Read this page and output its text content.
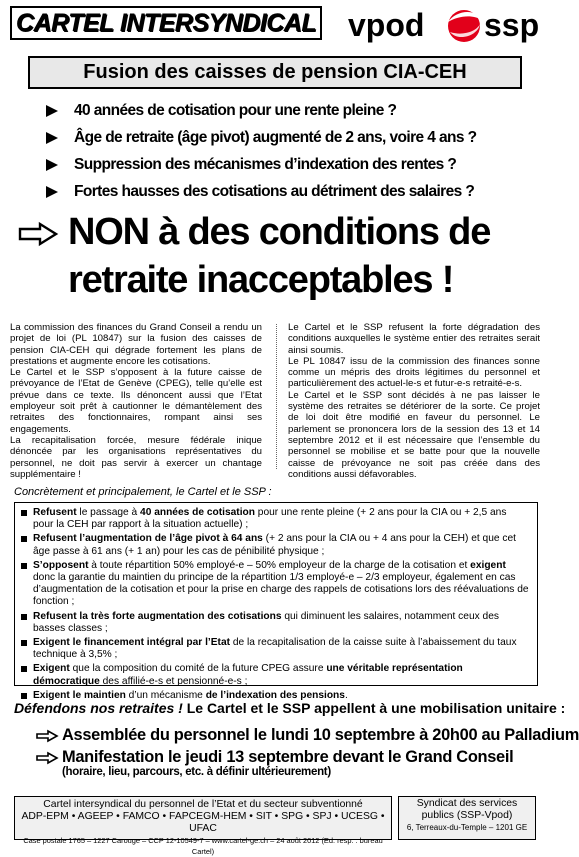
CARTEL INTERSYNDICAL vpod ssp
Fusion des caisses de pension CIA-CEH
40 années de cotisation pour une rente pleine ?
Âge de retraite (âge pivot) augmenté de 2 ans, voire 4 ans ?
Suppression des mécanismes d’indexation des rentes ?
Fortes hausses des cotisations au détriment des salaires ?
NON à des conditions de
retraite inacceptables !

La commission des finances du Grand Conseil a rendu un projet de loi (PL 10847) sur la fusion des caisses de pension CIA-CEH qui dégrade fortement les plans de prestations et augmente encore les cotisations.

Le Cartel et le SSP s’opposent à la future caisse de prévoyance de l’Etat de Genève (CPEG), telle qu’elle est prévue dans ce texte. Ils dénoncent aussi que l’Etat employeur soit prêt à cautionner le démantèlement des retraites des fonctionnaires, rompant ainsi ses engagements.

La recapitalisation forcée, mesure fédérale inique dénoncée par les organisations représentatives du personnel, ne doit pas servir à exercer un chantage supplémentaire !

Le Cartel et le SSP refusent la forte dégradation des conditions auxquelles le système entier des retraites serait ainsi soumis.

Le PL 10847 issu de la commission des finances sonne comme un mépris des droits légitimes du personnel et particulièrement des actuel-le-s et futur-e-s retraité-e-s.

Le Cartel et le SSP sont décidés à ne pas laisser le système des retraites se détériorer de la sorte. Ce projet de loi doit être modifié en faveur du personnel. Le parlement se prononcera lors de la session des 13 et 14 septembre 2012 et il est nécessaire que l’ensemble du personnel se mobilise et se batte pour que la nouvelle caisse de prévoyance ne soit pas créée dans des conditions aussi défavorables.

Concrètement et principalement, le Cartel et le SSP :
Refusent le passage à 40 années de cotisation pour une rente pleine (+ 2 ans pour la CIA ou + 2,5 ans pour la CEH par rapport à la situation actuelle) ;
Refusent l’augmentation de l’âge pivot à 64 ans (+ 2 ans pour la CIA ou + 4 ans pour la CEH) et que cet âge passe à 61 ans (+ 1 an) pour les cas de pénibilité physique ;
S’opposent à toute répartition 50% employé-e – 50% employeur de la charge de la cotisation et exigent donc la garantie du maintien du principe de la répartition 1/3 employé-e – 2/3 employeur, également en cas d’augmentation de la cotisation et pour la prise en charge des rappels de cotisations lors des réévaluations de fonction ;
Refusent la très forte augmentation des cotisations qui diminuent les salaires, notamment ceux des basses classes ;
Exigent le financement intégral par l’Etat de la recapitalisation de la caisse suite à l’abaissement du taux technique à 3,5% ;
Exigent que la composition du comité de la future CPEG assure une véritable représentation démocratique des affilié-e-s et pensionné-e-s ;
Exigent le maintien d’un mécanisme de l’indexation des pensions.
Défendons nos retraites ! Le Cartel et le SSP appellent à une mobilisation unitaire :
Assemblée du personnel le lundi 10 septembre à 20h00 au Palladium
Manifestation le jeudi 13 septembre devant le Grand Conseil
(horaire, lieu, parcours, etc. à définir ultérieurement)
Cartel intersyndical du personnel de l’Etat et du secteur subventionné
ADP-EPM • AGEEP • FAMCO • FAPCEGM-HEM • SIT • SPG • SPJ • UCESG • UFAC
Case postale 1765 – 1227 Carouge – CCP 12-10549-7 – www.cartel-ge.ch – 24 août 2012 (Ed. resp. : bureau Cartel)
Syndicat des services
publics (SSP-Vpod)
6, Terreaux-du-Temple – 1201 GE
